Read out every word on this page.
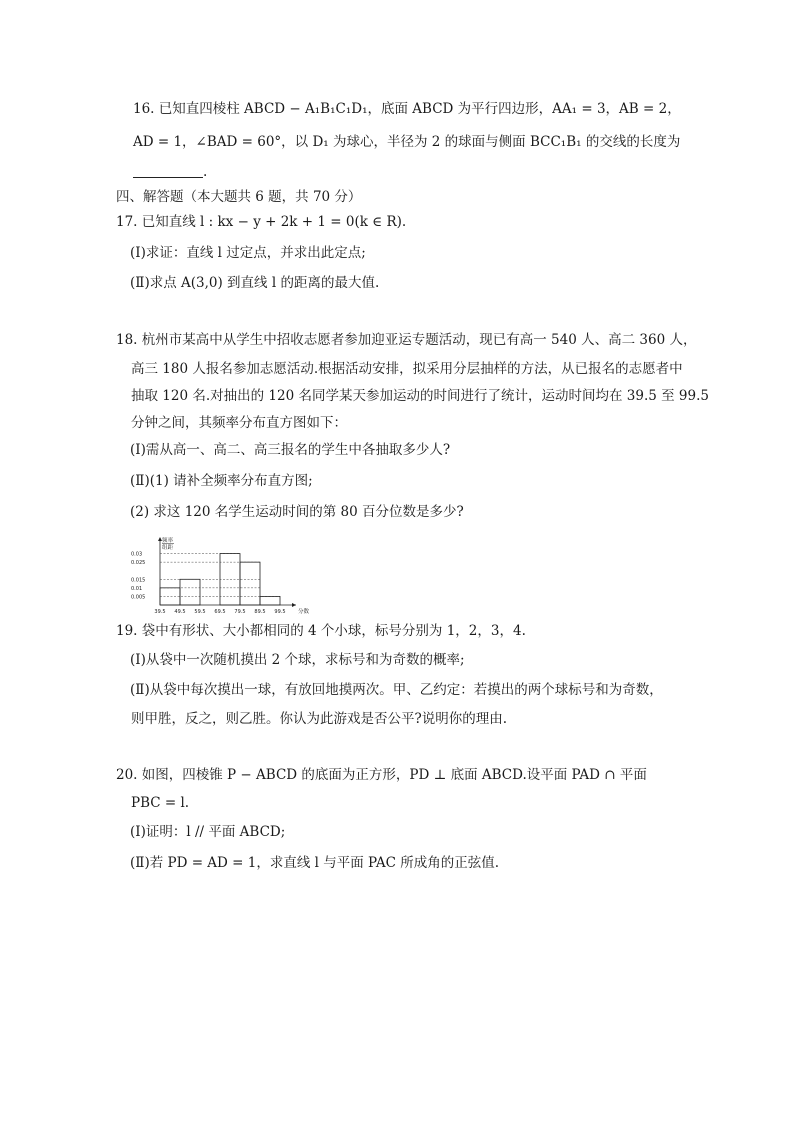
16. 已知直四棱柱 ABCD − A₁B₁C₁D₁，底面 ABCD 为平行四边形，AA₁ = 3，AB = 2，
AD = 1，∠BAD = 60°，以 D₁ 为球心，半径为 2 的球面与侧面 BCC₁B₁ 的交线的长度为
.
四、解答题（本大题共 6 题，共 70 分）
17. 已知直线 l : kx − y + 2k + 1 = 0(k ∈ R).
(Ⅰ)求证：直线 l 过定点，并求出此定点;
(Ⅱ)求点 A(3,0) 到直线 l 的距离的最大值.
18. 杭州市某高中从学生中招收志愿者参加迎亚运专题活动，现已有高一 540 人、高二 360 人，
高三 180 人报名参加志愿活动.根据活动安排，拟采用分层抽样的方法，从已报名的志愿者中
抽取 120 名.对抽出的 120 名同学某天参加运动的时间进行了统计，运动时间均在 39.5 至 99.5
分钟之间，其频率分布直方图如下：
(Ⅰ)需从高一、高二、高三报名的学生中各抽取多少人?
(Ⅱ)(1) 请补全频率分布直方图;
(2) 求这 120 名学生运动时间的第 80 百分位数是多少?
频率
组距
0.03
0.025
0.015
0.01
0.005
39.5 49.5 59.5 69.5 79.5 89.5 99.5 分数
19. 袋中有形状、大小都相同的 4 个小球，标号分别为 1，2，3，4.
(Ⅰ)从袋中一次随机摸出 2 个球，求标号和为奇数的概率;
(Ⅱ)从袋中每次摸出一球，有放回地摸两次。甲、乙约定：若摸出的两个球标号和为奇数，
则甲胜，反之，则乙胜。你认为此游戏是否公平?说明你的理由.
20. 如图，四棱锥 P − ABCD 的底面为正方形，PD ⊥ 底面 ABCD.设平面 PAD ∩ 平面
PBC = l.
(Ⅰ)证明：l // 平面 ABCD;
(Ⅱ)若 PD = AD = 1，求直线 l 与平面 PAC 所成角的正弦值.
